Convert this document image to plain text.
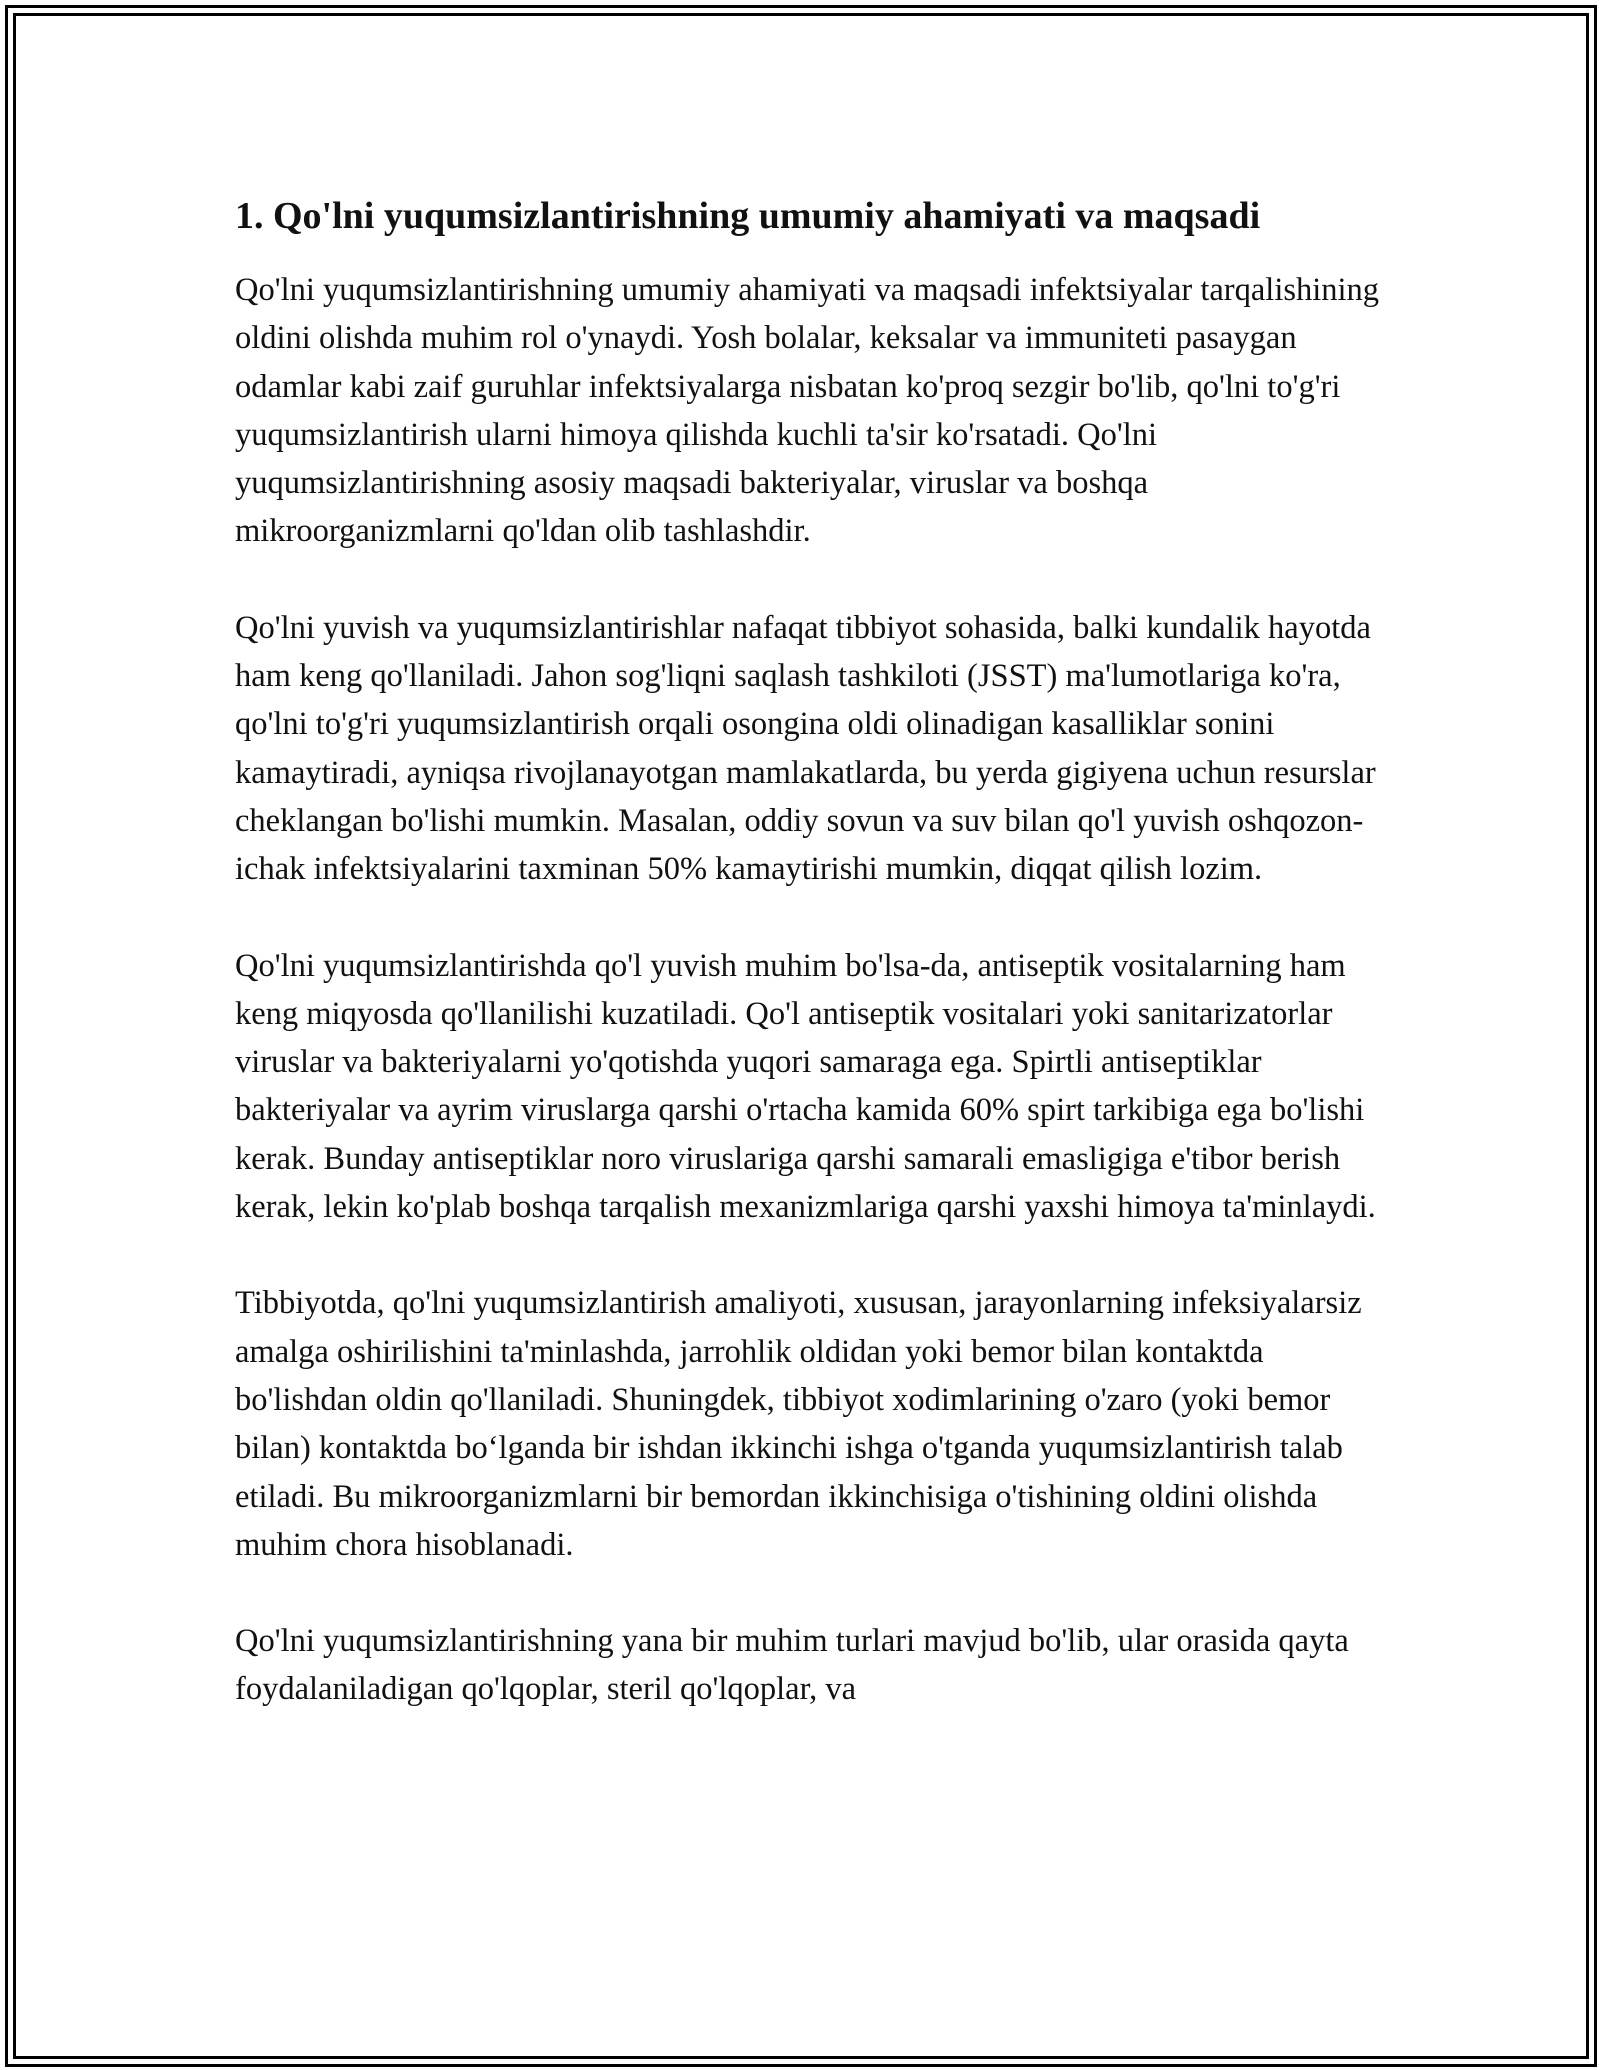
1. Qo'lni yuqumsizlantirishning umumiy ahamiyati va maqsadi

Qo'lni yuqumsizlantirishning umumiy ahamiyati va maqsadi infektsiyalar tarqalishining oldini olishda muhim rol o'ynaydi. Yosh bolalar, keksalar va immuniteti pasaygan odamlar kabi zaif guruhlar infektsiyalarga nisbatan ko'proq sezgir bo'lib, qo'lni to'g'ri yuqumsizlantirish ularni himoya qilishda kuchli ta'sir ko'rsatadi. Qo'lni yuqumsizlantirishning asosiy maqsadi bakteriyalar, viruslar va boshqa mikroorganizmlarni qo'ldan olib tashlashdir.

Qo'lni yuvish va yuqumsizlantirishlar nafaqat tibbiyot sohasida, balki kundalik hayotda ham keng qo'llaniladi. Jahon sog'liqni saqlash tashkiloti (JSST) ma'lumotlariga ko'ra, qo'lni to'g'ri yuqumsizlantirish orqali osongina oldi olinadigan kasalliklar sonini kamaytiradi, ayniqsa rivojlanayotgan mamlakatlarda, bu yerda gigiyena uchun resurslar cheklangan bo'lishi mumkin. Masalan, oddiy sovun va suv bilan qo'l yuvish oshqozon-ichak infektsiyalarini taxminan 50% kamaytirishi mumkin, diqqat qilish lozim.

Qo'lni yuqumsizlantirishda qo'l yuvish muhim bo'lsa-da, antiseptik vositalarning ham keng miqyosda qo'llanilishi kuzatiladi. Qo'l antiseptik vositalari yoki sanitarizatorlar viruslar va bakteriyalarni yo'qotishda yuqori samaraga ega. Spirtli antiseptiklar bakteriyalar va ayrim viruslarga qarshi o'rtacha kamida 60% spirt tarkibiga ega bo'lishi kerak. Bunday antiseptiklar noro viruslariga qarshi samarali emasligiga e'tibor berish kerak, lekin ko'plab boshqa tarqalish mexanizmlariga qarshi yaxshi himoya ta'minlaydi.

Tibbiyotda, qo'lni yuqumsizlantirish amaliyoti, xususan, jarayonlarning infeksiyalarsiz amalga oshirilishini ta'minlashda, jarrohlik oldidan yoki bemor bilan kontaktda bo'lishdan oldin qo'llaniladi. Shuningdek, tibbiyot xodimlarining o'zaro (yoki bemor bilan) kontaktda bo‘lganda bir ishdan ikkinchi ishga o'tganda yuqumsizlantirish talab etiladi. Bu mikroorganizmlarni bir bemordan ikkinchisiga o'tishining oldini olishda muhim chora hisoblanadi.

Qo'lni yuqumsizlantirishning yana bir muhim turlari mavjud bo'lib, ular orasida qayta foydalaniladigan qo'lqoplar, steril qo'lqoplar, va
